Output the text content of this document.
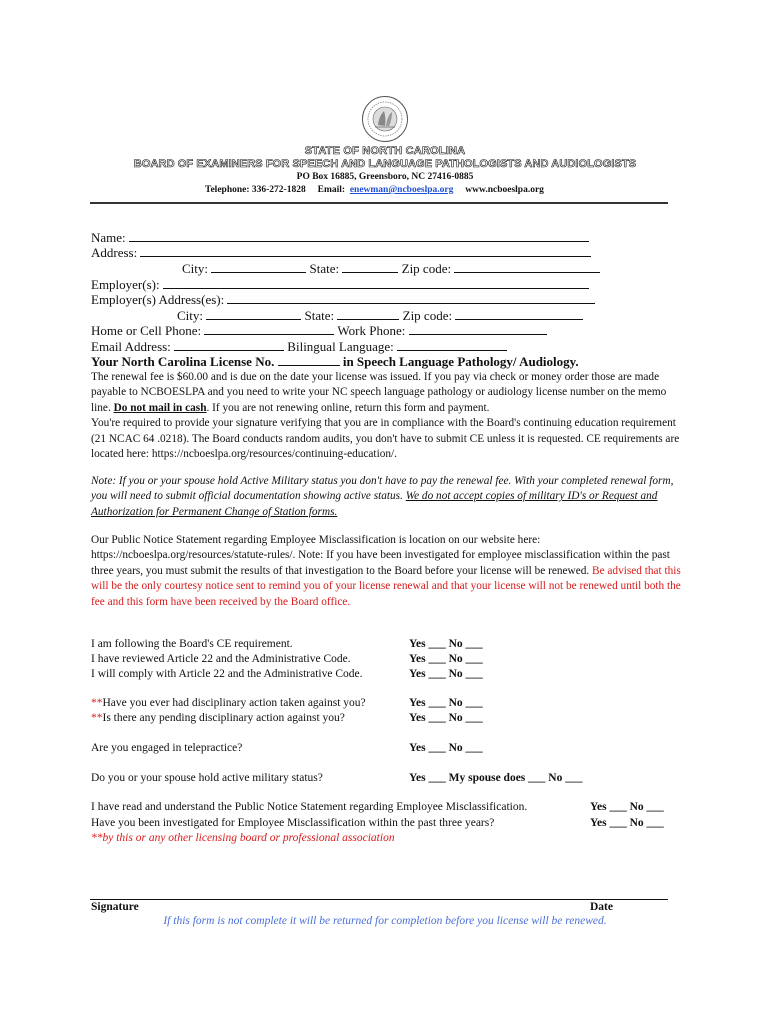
STATE OF NORTH CAROLINA
BOARD OF EXAMINERS FOR SPEECH AND LANGUAGE PATHOLOGISTS AND AUDIOLOGISTS
PO Box 16885, Greensboro, NC 27416-0885
Telephone: 336-272-1828 Email: enewman@ncboeslpa.org www.ncboeslpa.org
Name:
Address:
City:	State:	Zip code:
Employer(s):
Employer(s) Address(es):
City:	State:	Zip code:
Home or Cell Phone:	Work Phone:
Email Address:	Bilingual Language:
Your North Carolina License No.	in Speech Language Pathology/ Audiology.

The renewal fee is $60.00 and is due on the date your license was issued. If you pay via check or money order those are made payable to NCBOESLPA and you need to write your NC speech language pathology or audiology license number on the memo line. Do not mail in cash. If you are not renewing online, return this form and payment.

You're required to provide your signature verifying that you are in compliance with the Board's continuing education requirement (21 NCAC 64 .0218). The Board conducts random audits, you don't have to submit CE unless it is requested. CE requirements are located here: https://ncboeslpa.org/resources/continuing-education/.

Note: If you or your spouse hold Active Military status you don't have to pay the renewal fee. With your completed renewal form, you will need to submit official documentation showing active status. We do not accept copies of military ID's or Request and Authorization for Permanent Change of Station forms.

Our Public Notice Statement regarding Employee Misclassification is location on our website here: https://ncboeslpa.org/resources/statute-rules/. Note: If you have been investigated for employee misclassification within the past three years, you must submit the results of that investigation to the Board before your license will be renewed. Be advised that this will be the only courtesy notice sent to remind you of your license renewal and that your license will not be renewed until both the fee and this form have been received by the Board office.

I am following the Board's CE requirement.	Yes ___ No ___
I have reviewed Article 22 and the Administrative Code.	Yes ___ No ___
I will comply with Article 22 and the Administrative Code.	Yes ___ No ___
**Have you ever had disciplinary action taken against you?	Yes ___ No ___
**Is there any pending disciplinary action against you?	Yes ___ No ___
Are you engaged in telepractice?	Yes ___ No ___
Do you or your spouse hold active military status?	Yes ___ My spouse does ___ No ___
I have read and understand the Public Notice Statement regarding Employee Misclassification.	Yes ___ No ___
Have you been investigated for Employee Misclassification within the past three years?	Yes ___ No ___
**by this or any other licensing board or professional association
Signature	Date
If this form is not complete it will be returned for completion before you license will be renewed.
